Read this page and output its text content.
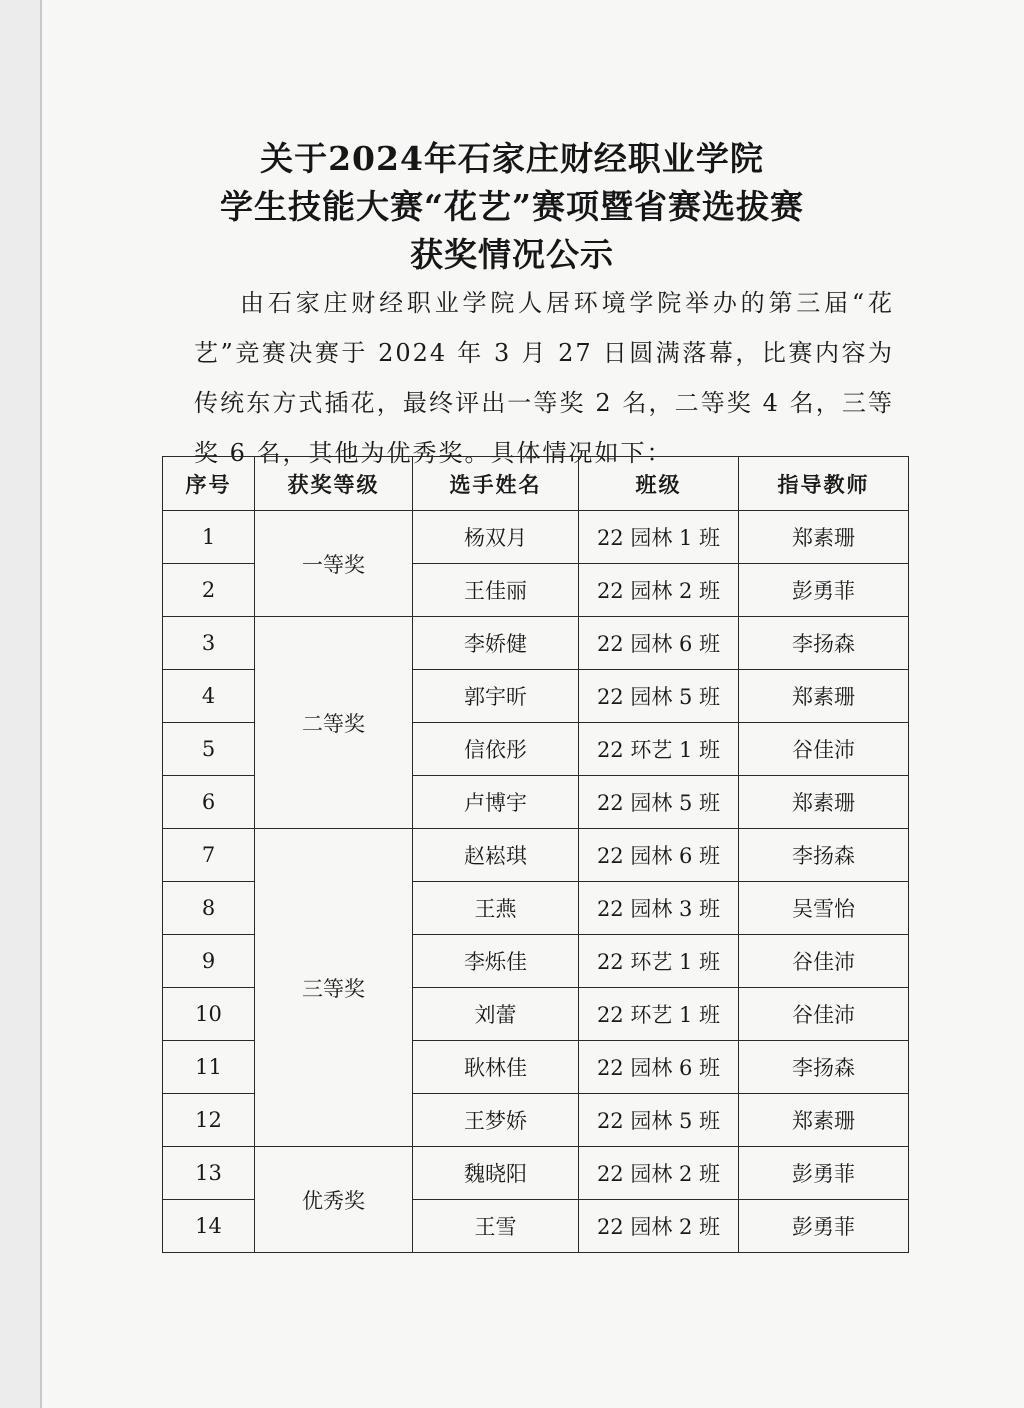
关于2024年石家庄财经职业学院
学生技能大赛“花艺”赛项暨省赛选拔赛
获奖情况公示

由石家庄财经职业学院人居环境学院举办的第三届“花艺”竞赛决赛于 2024 年 3 月 27 日圆满落幕，比赛内容为传统东方式插花，最终评出一等奖 2 名，二等奖 4 名，三等奖 6 名，其他为优秀奖。具体情况如下：

序号	获奖等级	选手姓名	班级	指导教师
1	一等奖	杨双月	22 园林 1 班	郑素珊
2		王佳丽	22 园林 2 班	彭勇菲
3	二等奖	李娇健	22 园林 6 班	李扬森
4		郭宇昕	22 园林 5 班	郑素珊
5		信依彤	22 环艺 1 班	谷佳沛
6		卢博宇	22 园林 5 班	郑素珊
7	三等奖	赵崧琪	22 园林 6 班	李扬森
8		王燕	22 园林 3 班	吴雪怡
9		李烁佳	22 环艺 1 班	谷佳沛
10		刘蕾	22 环艺 1 班	谷佳沛
11		耿林佳	22 园林 6 班	李扬森
12		王梦娇	22 园林 5 班	郑素珊
13	优秀奖	魏晓阳	22 园林 2 班	彭勇菲
14		王雪	22 园林 2 班	彭勇菲
